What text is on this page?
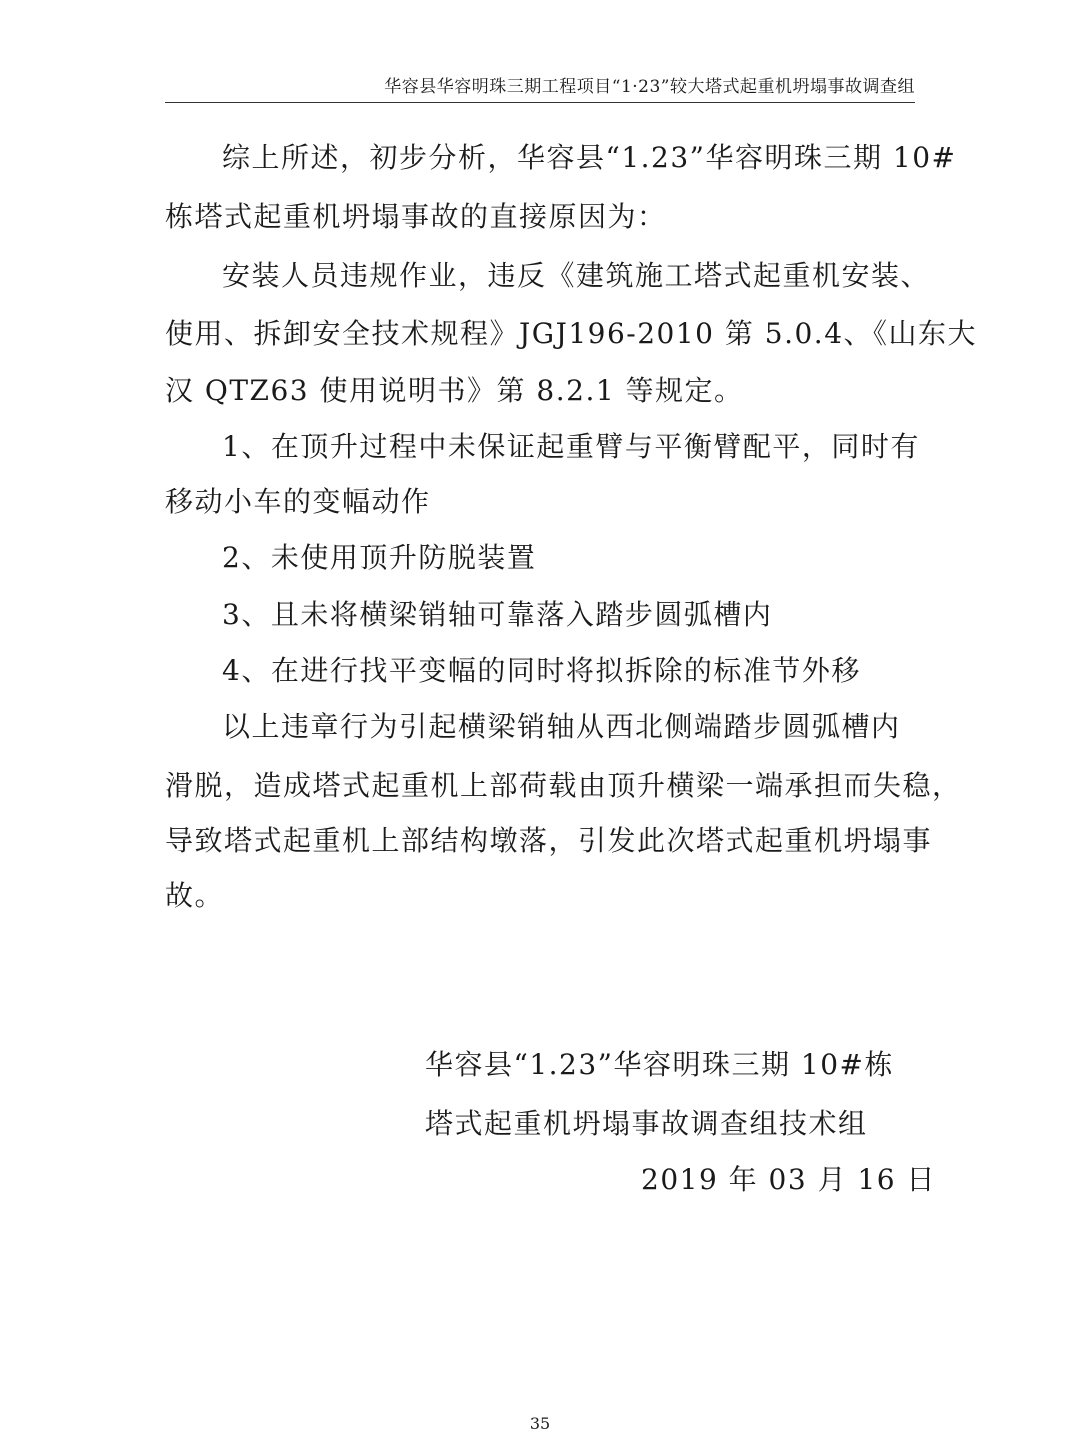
华容县华容明珠三期工程项目“1·23”较大塔式起重机坍塌事故调查组
综上所述，初步分析，华容县“1.23”华容明珠三期 10#
栋塔式起重机坍塌事故的直接原因为：
安装人员违规作业，违反《建筑施工塔式起重机安装、
使用、拆卸安全技术规程》JGJ196-2010 第 5.0.4、《山东大
汉 QTZ63 使用说明书》第 8.2.1 等规定。
1、在顶升过程中未保证起重臂与平衡臂配平，同时有
移动小车的变幅动作
2、未使用顶升防脱装置
3、且未将横梁销轴可靠落入踏步圆弧槽内
4、在进行找平变幅的同时将拟拆除的标准节外移
以上违章行为引起横梁销轴从西北侧端踏步圆弧槽内
滑脱，造成塔式起重机上部荷载由顶升横梁一端承担而失稳，
导致塔式起重机上部结构墩落，引发此次塔式起重机坍塌事
故。
华容县“1.23”华容明珠三期 10#栋
塔式起重机坍塌事故调查组技术组
2019 年 03 月 16 日
35
